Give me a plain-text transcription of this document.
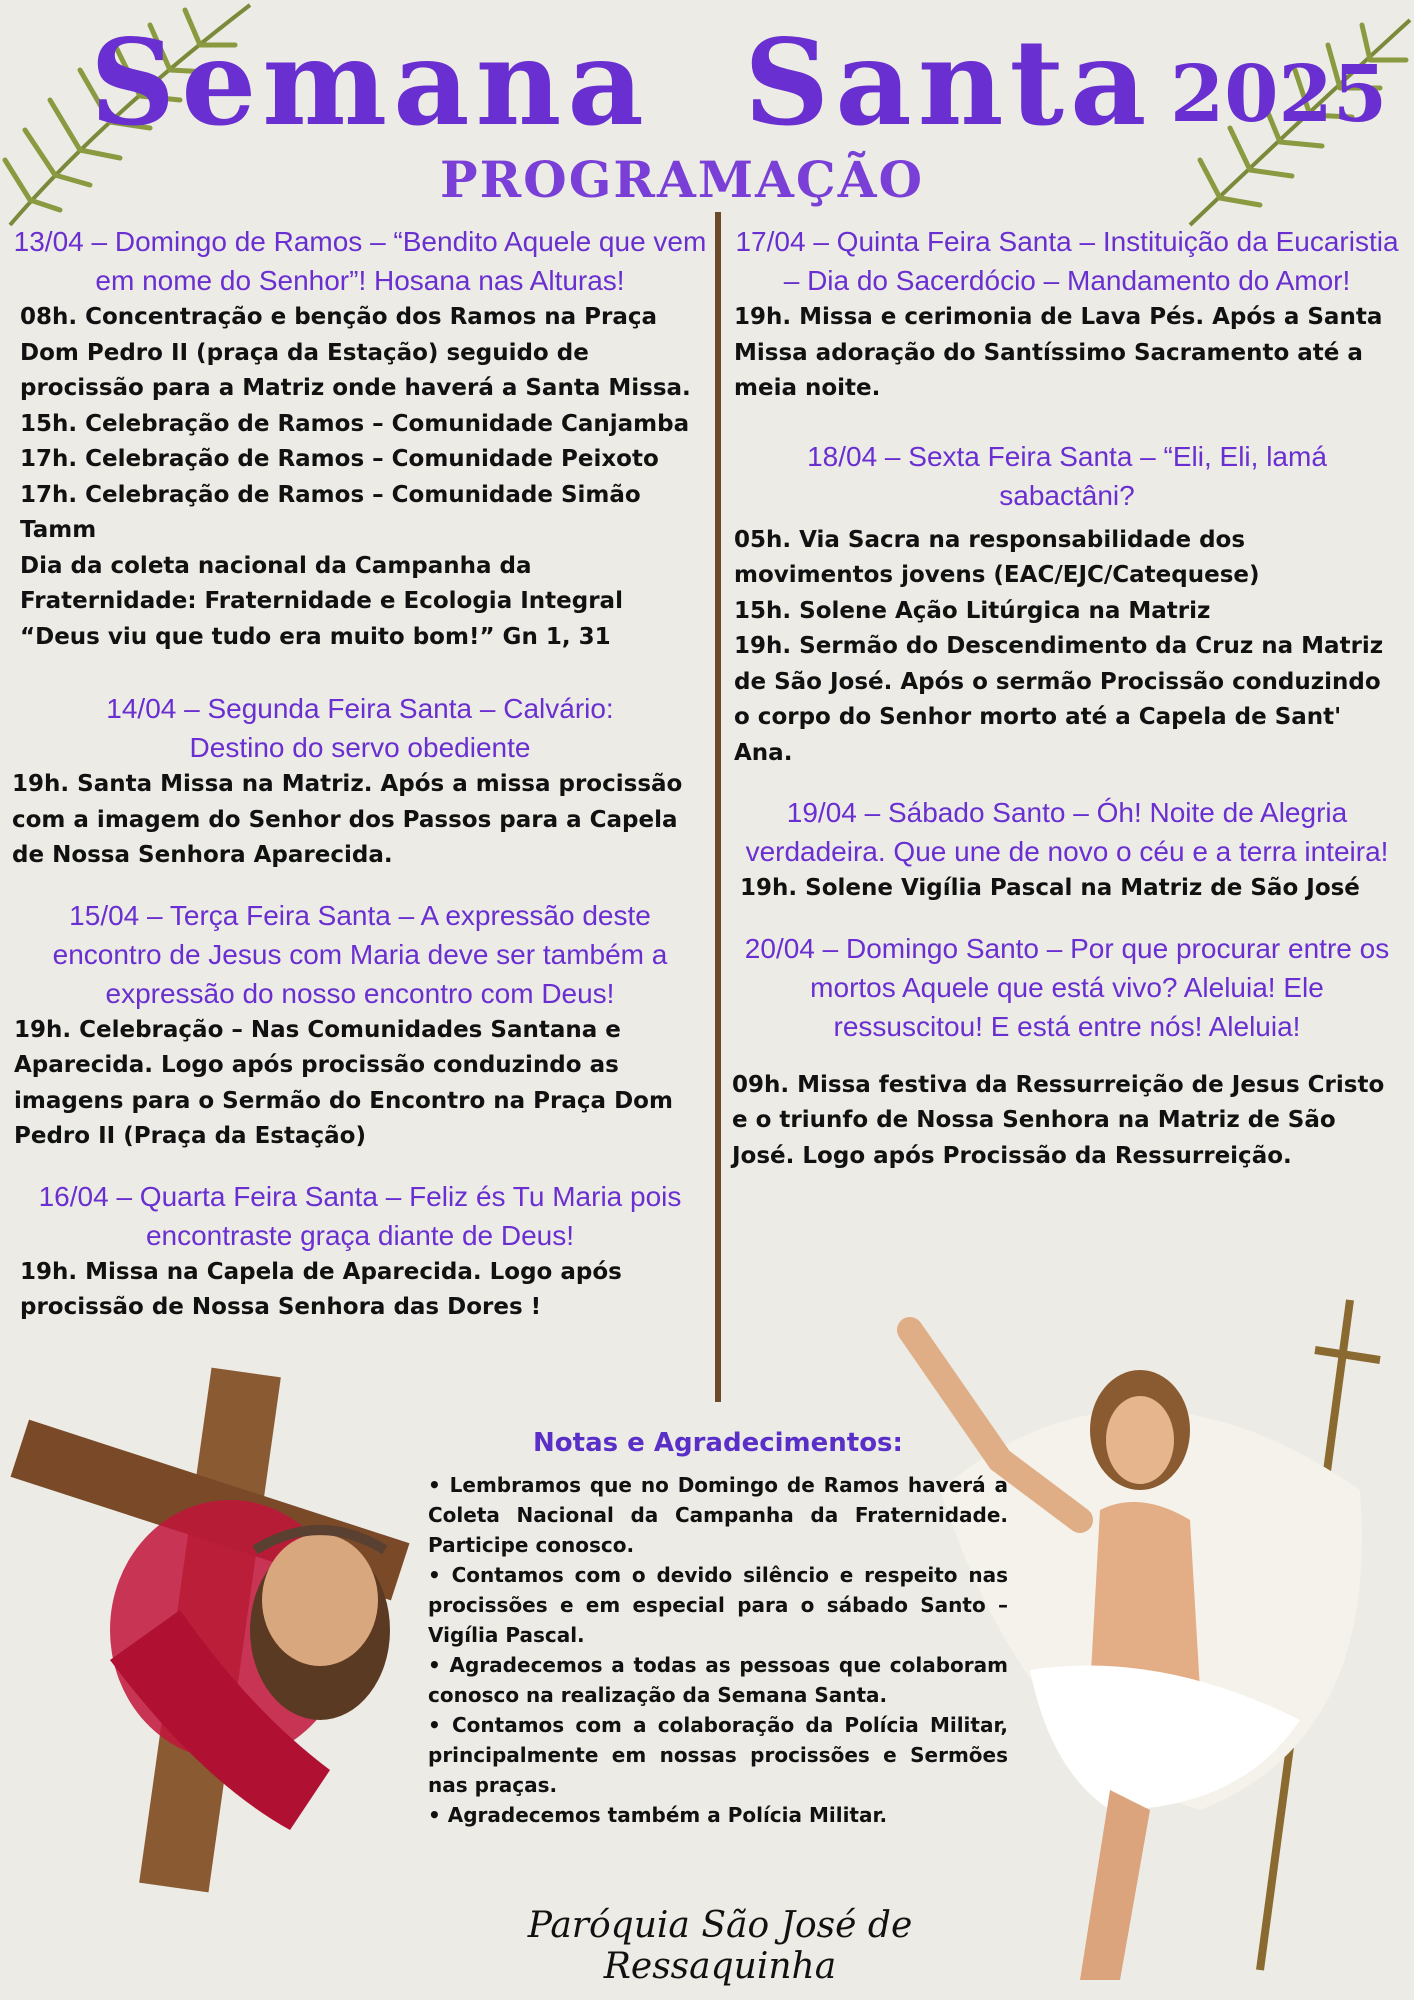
Semana  Santa 2025
PROGRAMAÇÃO
13/04 – Domingo de Ramos – “Bendito Aquele que vem em nome do Senhor”! Hosana nas Alturas!

08h. Concentração e benção dos Ramos na Praça Dom Pedro II (praça da Estação) seguido de procissão para a Matriz onde haverá a Santa Missa.

15h. Celebração de Ramos – Comunidade Canjamba

17h. Celebração de Ramos – Comunidade Peixoto

17h. Celebração de Ramos – Comunidade Simão Tamm

Dia da coleta nacional da Campanha da Fraternidade: Fraternidade e Ecologia Integral “Deus viu que tudo era muito bom!” Gn 1, 31

14/04 – Segunda Feira Santa – Calvário: Destino do servo obediente

19h. Santa Missa na Matriz. Após a missa procissão com a imagem do Senhor dos Passos para a Capela de Nossa Senhora Aparecida.

15/04 – Terça Feira Santa – A expressão deste encontro de Jesus com Maria deve ser também a expressão do nosso encontro com Deus!

19h. Celebração – Nas Comunidades Santana e Aparecida. Logo após procissão conduzindo as imagens para o Sermão do Encontro na Praça Dom Pedro II (Praça da Estação)

16/04 – Quarta Feira Santa – Feliz és Tu Maria pois encontraste graça diante de Deus!

19h. Missa na Capela de Aparecida. Logo após procissão de Nossa Senhora das Dores !

17/04 – Quinta Feira Santa – Instituição da Eucaristia – Dia do Sacerdócio – Mandamento do Amor!

19h. Missa e cerimonia de Lava Pés. Após a Santa Missa adoração do Santíssimo Sacramento até a meia noite.

18/04 – Sexta Feira Santa – “Eli, Eli, lamá sabactâni?

05h. Via Sacra na responsabilidade dos movimentos jovens (EAC/EJC/Catequese)

15h. Solene Ação Litúrgica na Matriz

19h. Sermão do Descendimento da Cruz na Matriz de São José. Após o sermão Procissão conduzindo o corpo do Senhor morto até a Capela de Sant' Ana.

19/04 – Sábado Santo – Óh! Noite de Alegria verdadeira. Que une de novo o céu e a terra inteira!

19h. Solene Vigília Pascal na Matriz de São José

20/04 – Domingo Santo – Por que procurar entre os mortos Aquele que está vivo? Aleluia! Ele ressuscitou! E está entre nós! Aleluia!

09h. Missa festiva da Ressurreição de Jesus Cristo e o triunfo de Nossa Senhora na Matriz de São José. Logo após Procissão da Ressurreição.

Notas e Agradecimentos:

• Lembramos que no Domingo de Ramos haverá a Coleta Nacional da Campanha da Fraternidade. Participe conosco.

• Contamos com o devido silêncio e respeito nas procissões e em especial para o sábado Santo – Vigília Pascal.

• Agradecemos a todas as pessoas que colaboram conosco na realização da Semana Santa.

• Contamos com a colaboração da Polícia Militar, principalmente em nossas procissões e Sermões nas praças.

• Agradecemos também a Polícia Militar.

Paróquia São José de Ressaquinha
